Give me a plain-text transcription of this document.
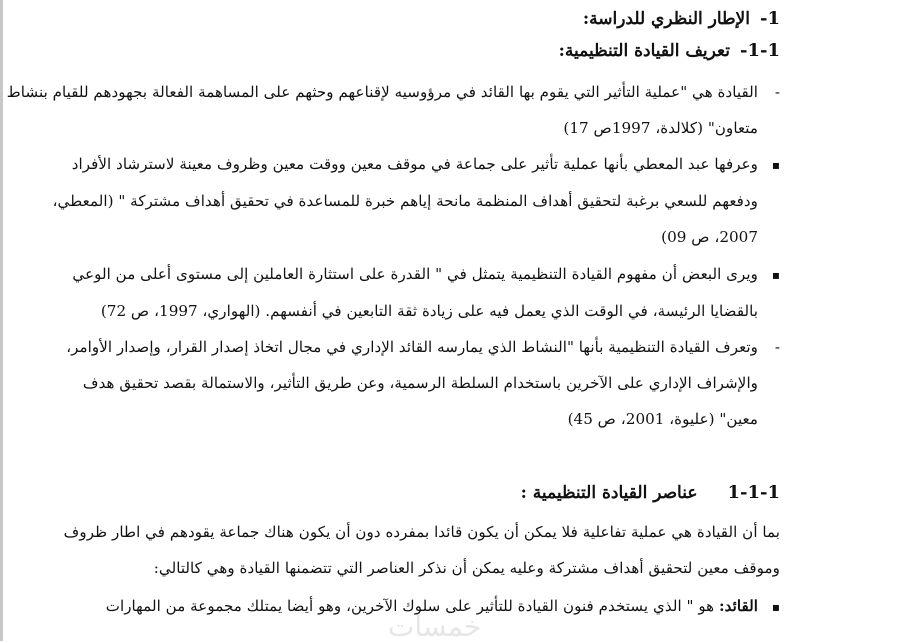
1-الإطار النظري للدراسة:
1-1-تعريف القيادة التنظيمية:
-القيادة هي "عملية التأثير التي يقوم بها القائد في مرؤوسيه لإقناعهم وحثهم على المساهمة الفعالة بجهودهم للقيام بنشاط
متعاون" (كلالدة، 1997ص 17)
▪وعرفها عبد المعطي بأنها عملية تأثير على جماعة في موقف معين ووقت معين وظروف معينة لاسترشاد الأفراد
ودفعهم للسعي برغبة لتحقيق أهداف المنظمة مانحة إياهم خبرة للمساعدة في تحقيق أهداف مشتركة " (المعطي،
2007، ص 09)
▪ويرى البعض أن مفهوم القيادة التنظيمية يتمثل في " القدرة على استثارة العاملين إلى مستوى أعلى من الوعي
بالقضايا الرئيسة، في الوقت الذي يعمل فيه على زيادة ثقة التابعين في أنفسهم. (الهواري، 1997، ص 72)
-وتعرف القيادة التنظيمية بأنها "النشاط الذي يمارسه القائد الإداري في مجال اتخاذ إصدار القرار، وإصدار الأوامر،
والإشراف الإداري على الآخرين باستخدام السلطة الرسمية، وعن طريق التأثير، والاستمالة بقصد تحقيق هدف
معين" (عليوة، 2001، ص 45)
1-1-1عناصر القيادة التنظيمية :
بما أن القيادة هي عملية تفاعلية فلا يمكن أن يكون قائدا بمفرده دون أن يكون هناك جماعة يقودهم في اطار ظروف
وموقف معين لتحقيق أهداف مشتركة وعليه يمكن أن نذكر العناصر التي تتضمنها القيادة وهي كالتالي:
▪القائد: هو " الذي يستخدم فنون القيادة للتأثير على سلوك الآخرين، وهو أيضا يمتلك مجموعة من المهارات
خمسات
